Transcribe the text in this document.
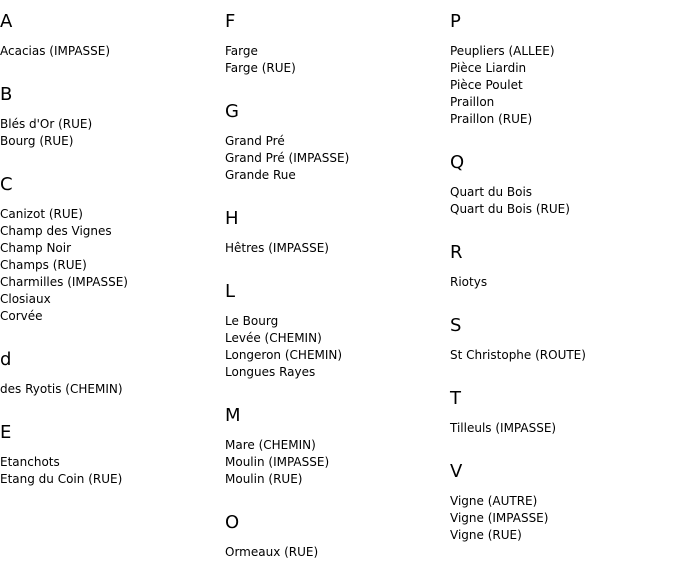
A
Acacias (IMPASSE)
B
Blés d'Or (RUE)
Bourg (RUE)
C
Canizot (RUE)
Champ des Vignes
Champ Noir
Champs (RUE)
Charmilles (IMPASSE)
Closiaux
Corvée
d
des Ryotis (CHEMIN)
E
Etanchots
Etang du Coin (RUE)
F
Farge
Farge (RUE)
G
Grand Pré
Grand Pré (IMPASSE)
Grande Rue
H
Hêtres (IMPASSE)
L
Le Bourg
Levée (CHEMIN)
Longeron (CHEMIN)
Longues Rayes
M
Mare (CHEMIN)
Moulin (IMPASSE)
Moulin (RUE)
O
Ormeaux (RUE)
P
Peupliers (ALLEE)
Pièce Liardin
Pièce Poulet
Praillon
Praillon (RUE)
Q
Quart du Bois
Quart du Bois (RUE)
R
Riotys
S
St Christophe (ROUTE)
T
Tilleuls (IMPASSE)
V
Vigne (AUTRE)
Vigne (IMPASSE)
Vigne (RUE)
